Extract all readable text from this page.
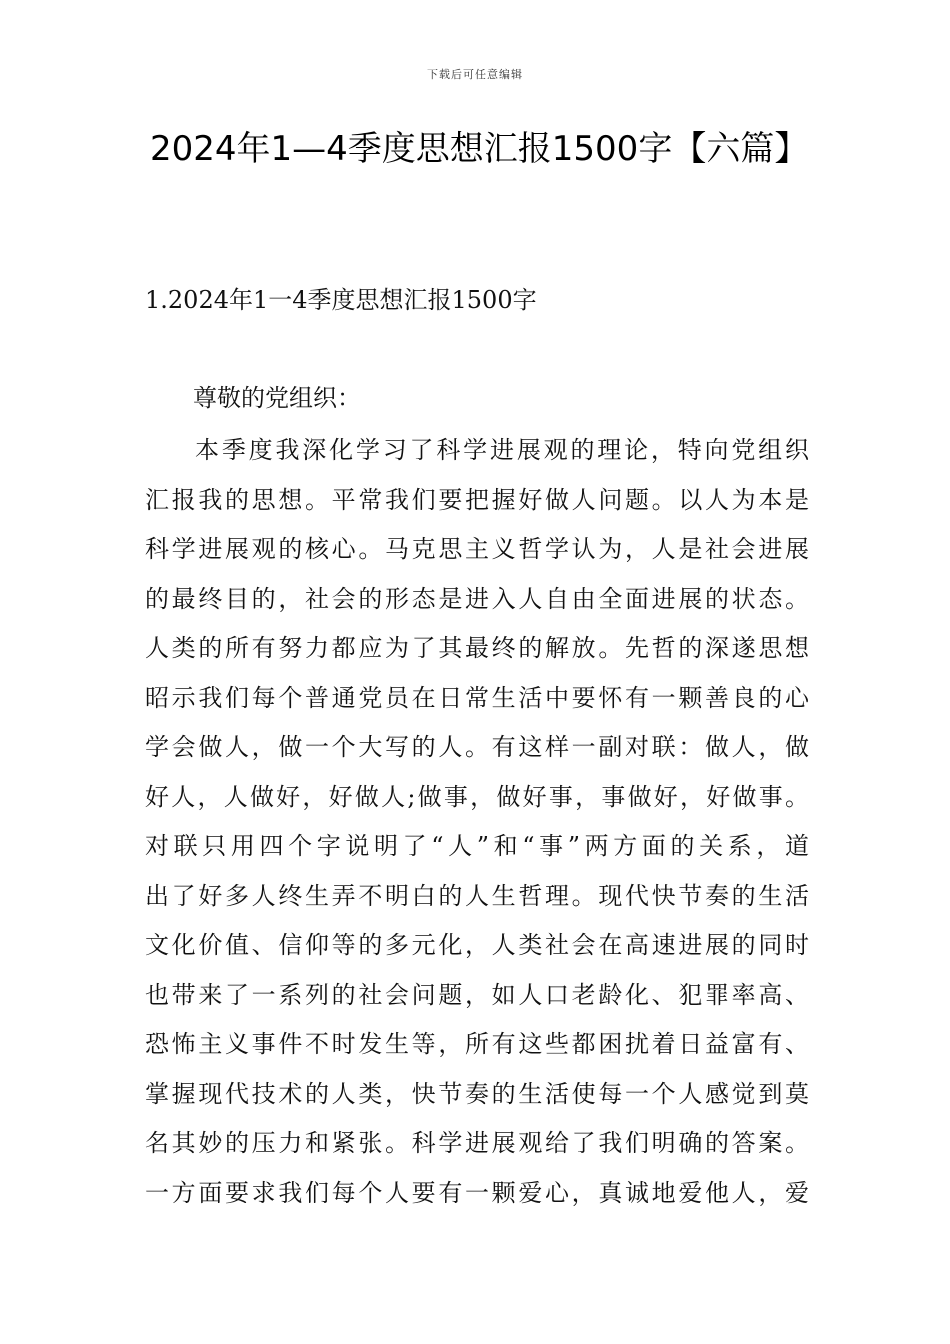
下载后可任意编辑
2024年1—4季度思想汇报1500字【六篇】
1.2024年1一4季度思想汇报1500字

尊敬的党组织：

本季度我深化学习了科学进展观的理论，特向党组织
汇报我的思想。平常我们要把握好做人问题。以人为本是
科学进展观的核心。马克思主义哲学认为，人是社会进展
的最终目的，社会的形态是进入人自由全面进展的状态。
人类的所有努力都应为了其最终的解放。先哲的深遂思想
昭示我们每个普通党员在日常生活中要怀有一颗善良的心
学会做人，做一个大写的人。有这样一副对联：做人，做
好人，人做好，好做人;做事，做好事，事做好，好做事。
对联只用四个字说明了“人”和“事”两方面的关系，道
出了好多人终生弄不明白的人生哲理。现代快节奏的生活
文化价值、信仰等的多元化，人类社会在高速进展的同时
也带来了一系列的社会问题，如人口老龄化、犯罪率高、
恐怖主义事件不时发生等，所有这些都困扰着日益富有、
掌握现代技术的人类，快节奏的生活使每一个人感觉到莫
名其妙的压力和紧张。科学进展观给了我们明确的答案。
一方面要求我们每个人要有一颗爱心，真诚地爱他人，爱
